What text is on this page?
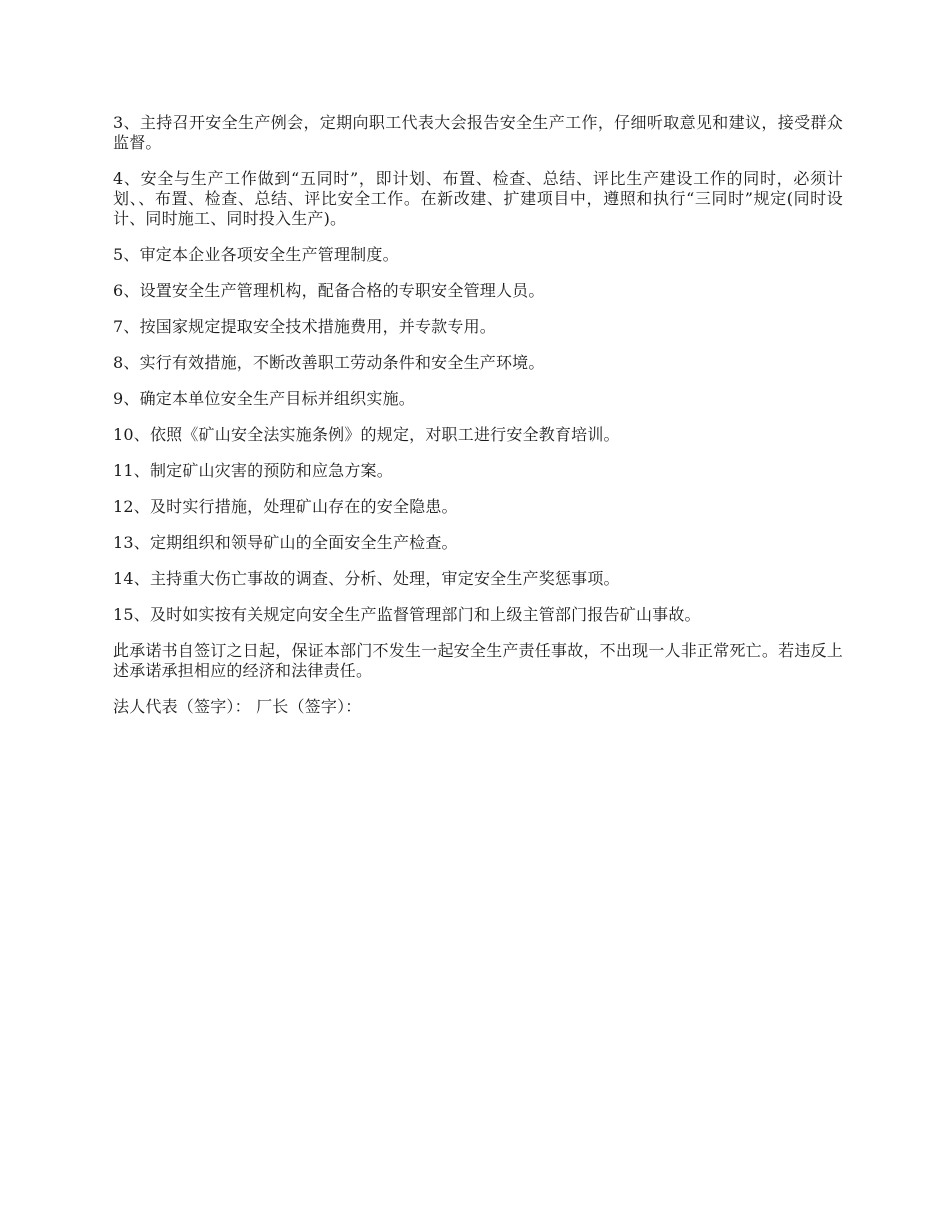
3、主持召开安全生产例会，定期向职工代表大会报告安全生产工作，仔细听取意见和建议，接受群众监督。

4、安全与生产工作做到“五同时”，即计划、布置、检查、总结、评比生产建设工作的同时，必须计划、、布置、检查、总结、评比安全工作。在新改建、扩建项目中，遵照和执行“三同时”规定(同时设计、同时施工、同时投入生产)。

5、审定本企业各项安全生产管理制度。

6、设置安全生产管理机构，配备合格的专职安全管理人员。

7、按国家规定提取安全技术措施费用，并专款专用。

8、实行有效措施，不断改善职工劳动条件和安全生产环境。

9、确定本单位安全生产目标并组织实施。

10、依照《矿山安全法实施条例》的规定，对职工进行安全教育培训。

11、制定矿山灾害的预防和应急方案。

12、及时实行措施，处理矿山存在的安全隐患。

13、定期组织和领导矿山的全面安全生产检查。

14、主持重大伤亡事故的调查、分析、处理，审定安全生产奖惩事项。

15、及时如实按有关规定向安全生产监督管理部门和上级主管部门报告矿山事故。

此承诺书自签订之日起，保证本部门不发生一起安全生产责任事故，不出现一人非正常死亡。若违反上述承诺承担相应的经济和法律责任。

法人代表（签字）： 厂长（签字）：
